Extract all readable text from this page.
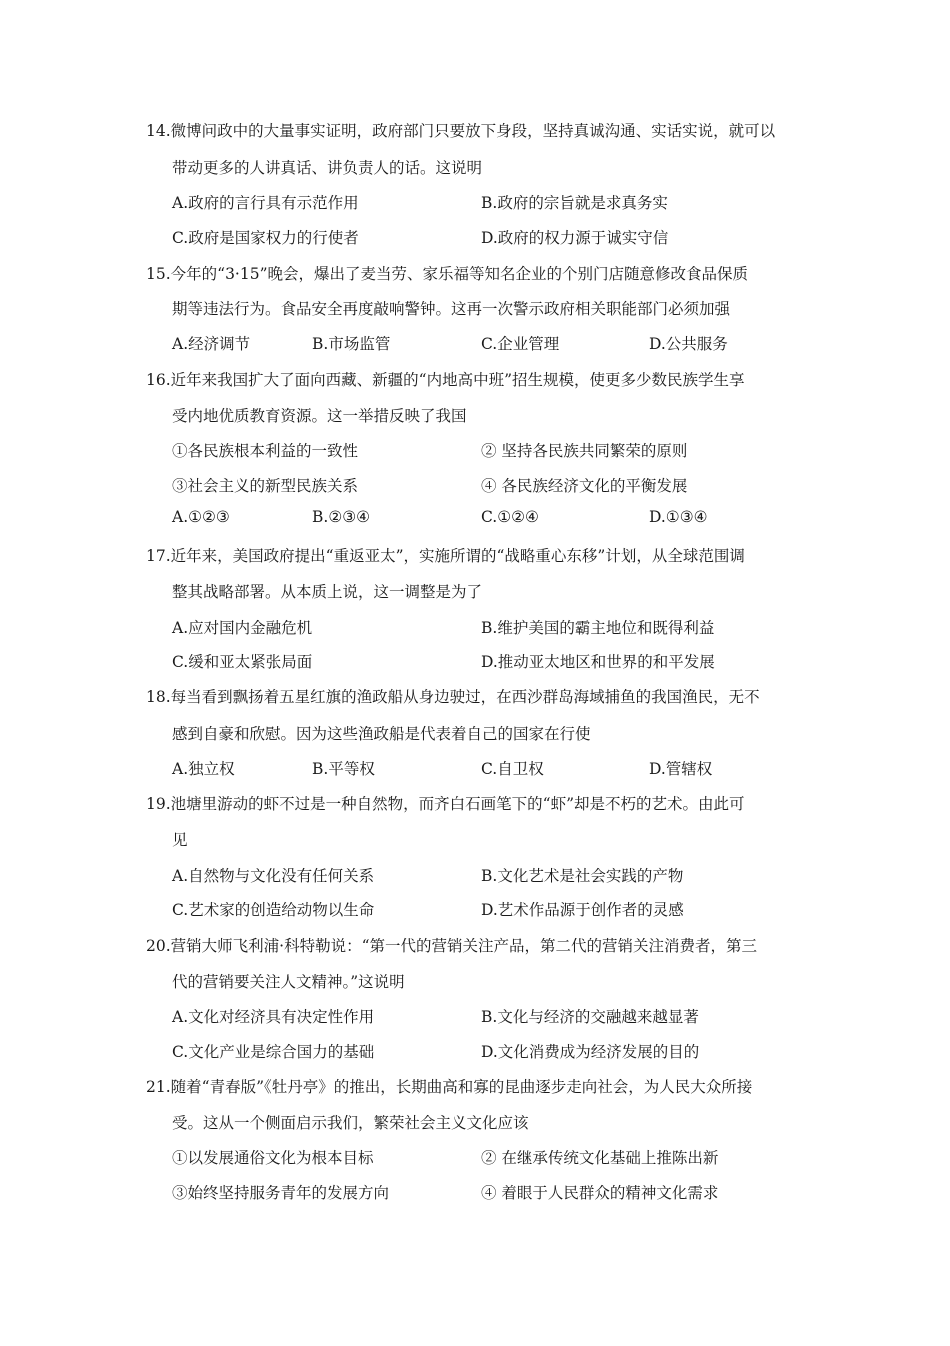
14.微博问政中的大量事实证明，政府部门只要放下身段，坚持真诚沟通、实话实说，就可以
带动更多的人讲真话、讲负责人的话。这说明
A.政府的言行具有示范作用	B.政府的宗旨就是求真务实
C.政府是国家权力的行使者	D.政府的权力源于诚实守信
15.今年的“3·15”晚会，爆出了麦当劳、家乐福等知名企业的个别门店随意修改食品保质
期等违法行为。食品安全再度敲响警钟。这再一次警示政府相关职能部门必须加强
A.经济调节	B.市场监管	C.企业管理	D.公共服务
16.近年来我国扩大了面向西藏、新疆的“内地高中班”招生规模，使更多少数民族学生享
受内地优质教育资源。这一举措反映了我国
①各民族根本利益的一致性	② 坚持各民族共同繁荣的原则
③社会主义的新型民族关系	④ 各民族经济文化的平衡发展
A.①②③	B.②③④	C.①②④	D.①③④
17.近年来，美国政府提出“重返亚太”，实施所谓的“战略重心东移”计划，从全球范围调
整其战略部署。从本质上说，这一调整是为了
A.应对国内金融危机	B.维护美国的霸主地位和既得利益
C.缓和亚太紧张局面	D.推动亚太地区和世界的和平发展
18.每当看到飘扬着五星红旗的渔政船从身边驶过，在西沙群岛海域捕鱼的我国渔民，无不
感到自豪和欣慰。因为这些渔政船是代表着自己的国家在行使
A.独立权	B.平等权	C.自卫权	D.管辖权
19.池塘里游动的虾不过是一种自然物，而齐白石画笔下的“虾”却是不朽的艺术。由此可
见
A.自然物与文化没有任何关系	B.文化艺术是社会实践的产物
C.艺术家的创造给动物以生命	D.艺术作品源于创作者的灵感
20.营销大师飞利浦·科特勒说：“第一代的营销关注产品，第二代的营销关注消费者，第三
代的营销要关注人文精神。”这说明
A.文化对经济具有决定性作用	B.文化与经济的交融越来越显著
C.文化产业是综合国力的基础	D.文化消费成为经济发展的目的
21.随着“青春版”《牡丹亭》的推出，长期曲高和寡的昆曲逐步走向社会，为人民大众所接
受。这从一个侧面启示我们，繁荣社会主义文化应该
①以发展通俗文化为根本目标	② 在继承传统文化基础上推陈出新
③始终坚持服务青年的发展方向	④ 着眼于人民群众的精神文化需求
